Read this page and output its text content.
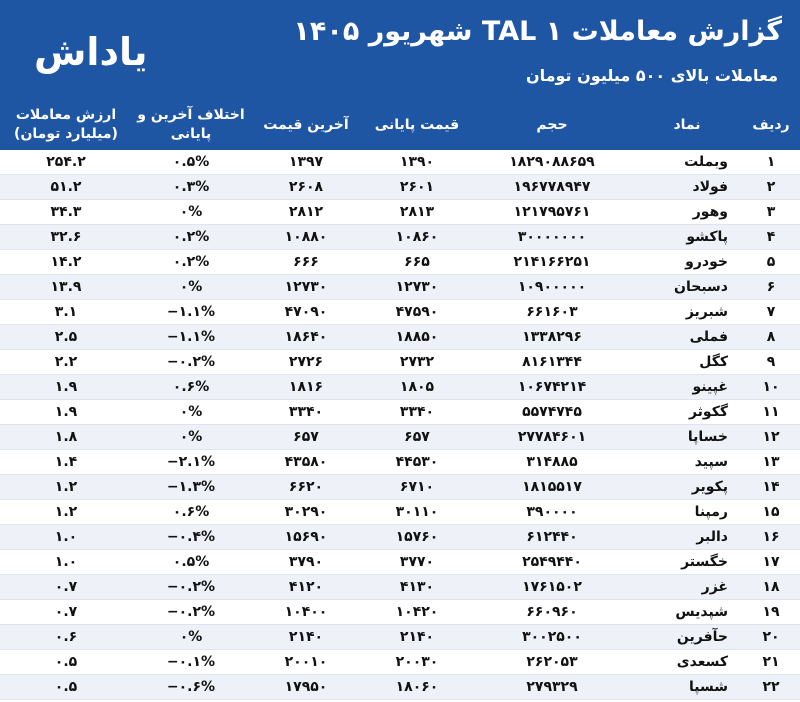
یاداش	گزارش معاملات TAL ۱ شهریور ۱۴۰۵
معاملات بالای ۵۰۰ میلیون تومان
ردیف	نماد	حجم	قیمت پایانی	آخرین قیمت	اختلاف آخرین و پایانی	ارزش معاملات (میلیارد تومان)
۱	وبملت	۱۸۲۹۰۸۸۶۵۹	۱۳۹۰	۱۳۹۷	۰.۵%	۲۵۴.۲
۲	فولاد	۱۹۶۷۷۸۹۴۷	۲۶۰۱	۲۶۰۸	۰.۳%	۵۱.۲
۳	وهور	۱۲۱۷۹۵۷۶۱	۲۸۱۳	۲۸۱۲	۰%	۳۴.۳
۴	پاکشو	۳۰۰۰۰۰۰۰	۱۰۸۶۰	۱۰۸۸۰	۰.۲%	۳۲.۶
۵	خودرو	۲۱۴۱۶۶۲۵۱	۶۶۵	۶۶۶	۰.۲%	۱۴.۲
۶	دسبحان	۱۰۹۰۰۰۰۰	۱۲۷۳۰	۱۲۷۳۰	۰%	۱۳.۹
۷	شبریز	۶۶۱۶۰۳	۴۷۵۹۰	۴۷۰۹۰	−۱.۱%	۳.۱
۸	فملی	۱۳۳۸۲۹۶	۱۸۸۵۰	۱۸۶۴۰	−۱.۱%	۲.۵
۹	کگل	۸۱۶۱۳۴۴	۲۷۳۲	۲۷۲۶	−۰.۲%	۲.۲
۱۰	غپینو	۱۰۶۷۴۲۱۴	۱۸۰۵	۱۸۱۶	۰.۶%	۱.۹
۱۱	گکوثر	۵۵۷۴۷۴۵	۳۳۴۰	۳۳۴۰	۰%	۱.۹
۱۲	خساپا	۲۷۷۸۴۶۰۱	۶۵۷	۶۵۷	۰%	۱.۸
۱۳	سپید	۳۱۴۸۸۵	۴۴۵۳۰	۴۳۵۸۰	−۲.۱%	۱.۴
۱۴	پکویر	۱۸۱۵۵۱۷	۶۷۱۰	۶۶۲۰	−۱.۳%	۱.۲
۱۵	رمپنا	۳۹۰۰۰۰	۳۰۱۱۰	۳۰۲۹۰	۰.۶%	۱.۲
۱۶	دالبر	۶۱۲۴۴۰	۱۵۷۶۰	۱۵۶۹۰	−۰.۴%	۱.۰
۱۷	خگستر	۲۵۴۹۴۴۰	۳۷۷۰	۳۷۹۰	۰.۵%	۱.۰
۱۸	غزر	۱۷۶۱۵۰۲	۴۱۳۰	۴۱۲۰	−۰.۲%	۰.۷
۱۹	شپدیس	۶۶۰۹۶۰	۱۰۴۲۰	۱۰۴۰۰	−۰.۲%	۰.۷
۲۰	حآفرین	۳۰۰۲۵۰۰	۲۱۴۰	۲۱۴۰	۰%	۰.۶
۲۱	کسعدی	۲۶۲۰۵۳	۲۰۰۳۰	۲۰۰۱۰	−۰.۱%	۰.۵
۲۲	شسپا	۲۷۹۳۲۹	۱۸۰۶۰	۱۷۹۵۰	−۰.۶%	۰.۵
